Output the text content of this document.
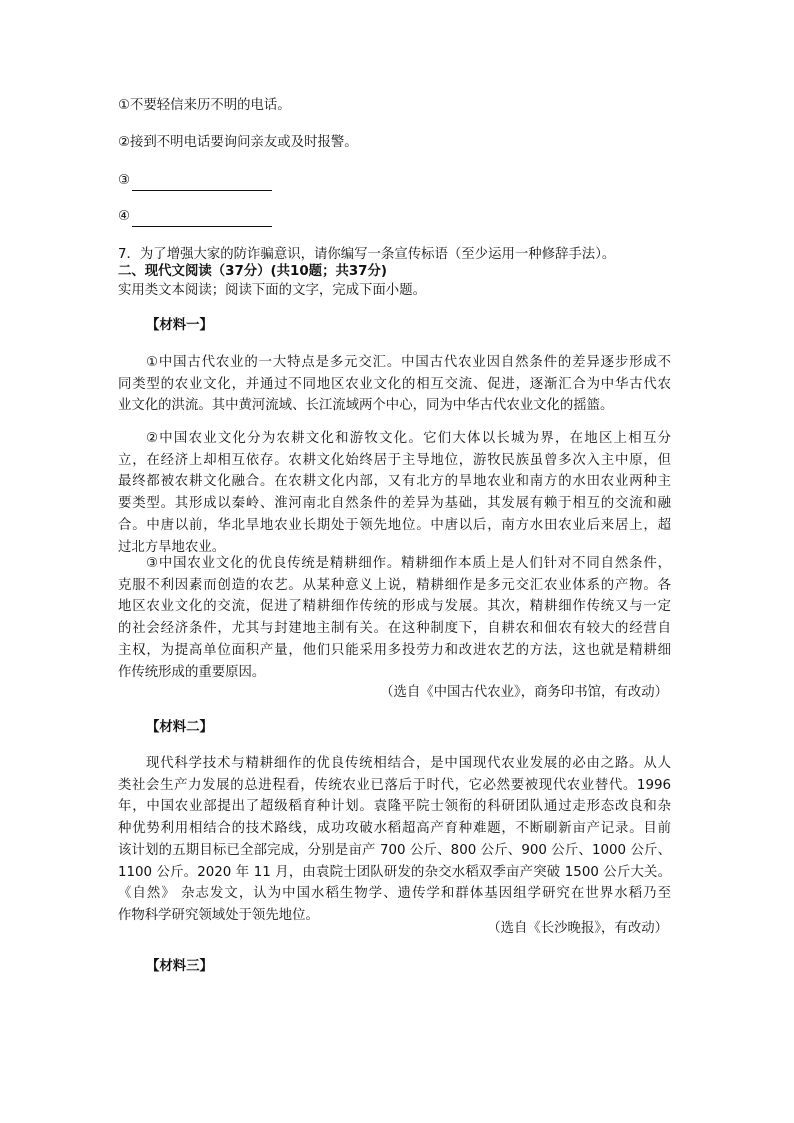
①不要轻信来历不明的电话。
②接到不明电话要询问亲友或及时报警。
③
④
7．为了增强大家的防诈骗意识，请你编写一条宣传标语（至少运用一种修辞手法）。
二、现代文阅读（37分）(共10题；共37分)
实用类文本阅读；阅读下面的文字，完成下面小题。
【材料一】
①中国古代农业的一大特点是多元交汇。中国古代农业因自然条件的差异逐步形成不
同类型的农业文化，并通过不同地区农业文化的相互交流、促进，逐渐汇合为中华古代农
业文化的洪流。其中黄河流域、长江流域两个中心，同为中华古代农业文化的摇篮。
②中国农业文化分为农耕文化和游牧文化。它们大体以长城为界，在地区上相互分
立，在经济上却相互依存。农耕文化始终居于主导地位，游牧民族虽曾多次入主中原，但
最终都被农耕文化融合。在农耕文化内部，又有北方的旱地农业和南方的水田农业两种主
要类型。其形成以秦岭、淮河南北自然条件的差异为基础，其发展有赖于相互的交流和融
合。中唐以前，华北旱地农业长期处于领先地位。中唐以后，南方水田农业后来居上，超
过北方旱地农业。
③中国农业文化的优良传统是精耕细作。精耕细作本质上是人们针对不同自然条件，
克服不利因素而创造的农艺。从某种意义上说，精耕细作是多元交汇农业体系的产物。各
地区农业文化的交流，促进了精耕细作传统的形成与发展。其次，精耕细作传统又与一定
的社会经济条件，尤其与封建地主制有关。在这种制度下，自耕农和佃农有较大的经营自
主权，为提高单位面积产量，他们只能采用多投劳力和改进农艺的方法，这也就是精耕细
作传统形成的重要原因。
（选自《中国古代农业》，商务印书馆，有改动）
【材料二】
现代科学技术与精耕细作的优良传统相结合，是中国现代农业发展的必由之路。从人
类社会生产力发展的总进程看，传统农业已落后于时代，它必然要被现代农业替代。1996
年，中国农业部提出了超级稻育种计划。袁隆平院士领衔的科研团队通过走形态改良和杂
种优势利用相结合的技术路线，成功攻破水稻超高产育种难题，不断刷新亩产记录。目前
该计划的五期目标已全部完成，分别是亩产 700 公斤、800 公斤、900 公斤、1000 公斤、
1100 公斤。2020 年 11 月，由袁院士团队研发的杂交水稻双季亩产突破 1500 公斤大关。
《自然》 杂志发文，认为中国水稻生物学、遗传学和群体基因组学研究在世界水稻乃至
作物科学研究领域处于领先地位。
（选自《长沙晚报》，有改动）
【材料三】
